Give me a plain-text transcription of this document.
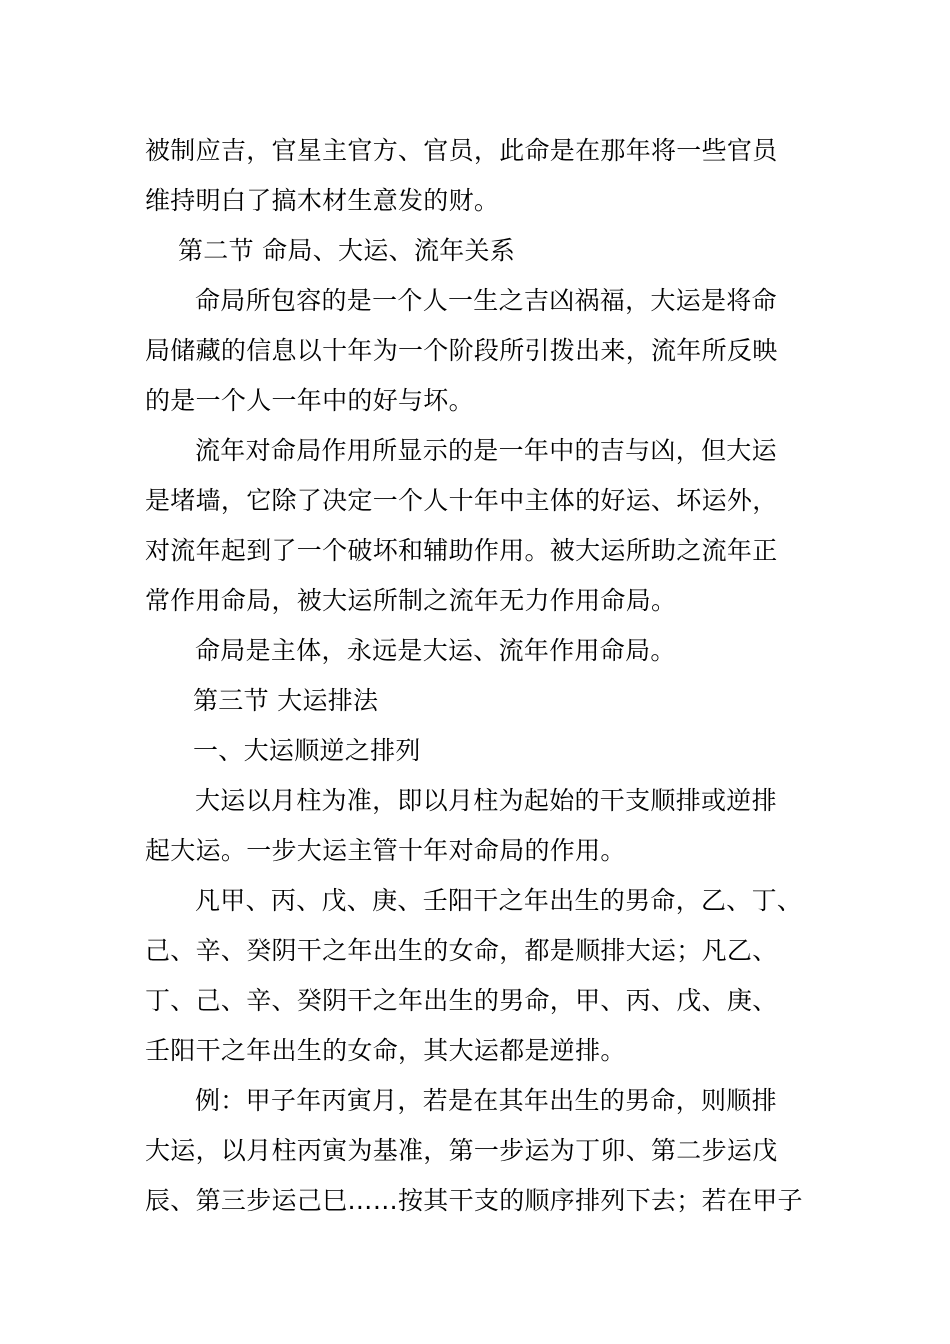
被制应吉，官星主官方、官员，此命是在那年将一些官员
维持明白了搞木材生意发的财。
第二节 命局、大运、流年关系
命局所包容的是一个人一生之吉凶祸福，大运是将命
局储藏的信息以十年为一个阶段所引拨出来，流年所反映
的是一个人一年中的好与坏。
流年对命局作用所显示的是一年中的吉与凶，但大运
是堵墙，它除了决定一个人十年中主体的好运、坏运外，
对流年起到了一个破坏和辅助作用。被大运所助之流年正
常作用命局，被大运所制之流年无力作用命局。
命局是主体，永远是大运、流年作用命局。
第三节 大运排法
一、大运顺逆之排列
大运以月柱为准，即以月柱为起始的干支顺排或逆排
起大运。一步大运主管十年对命局的作用。
凡甲、丙、戊、庚、壬阳干之年出生的男命，乙、丁、
己、辛、癸阴干之年出生的女命，都是顺排大运；凡乙、
丁、己、辛、癸阴干之年出生的男命，甲、丙、戊、庚、
壬阳干之年出生的女命，其大运都是逆排。
例：甲子年丙寅月，若是在其年出生的男命，则顺排
大运，以月柱丙寅为基准，第一步运为丁卯、第二步运戊
辰、第三步运己巳……按其干支的顺序排列下去；若在甲子
